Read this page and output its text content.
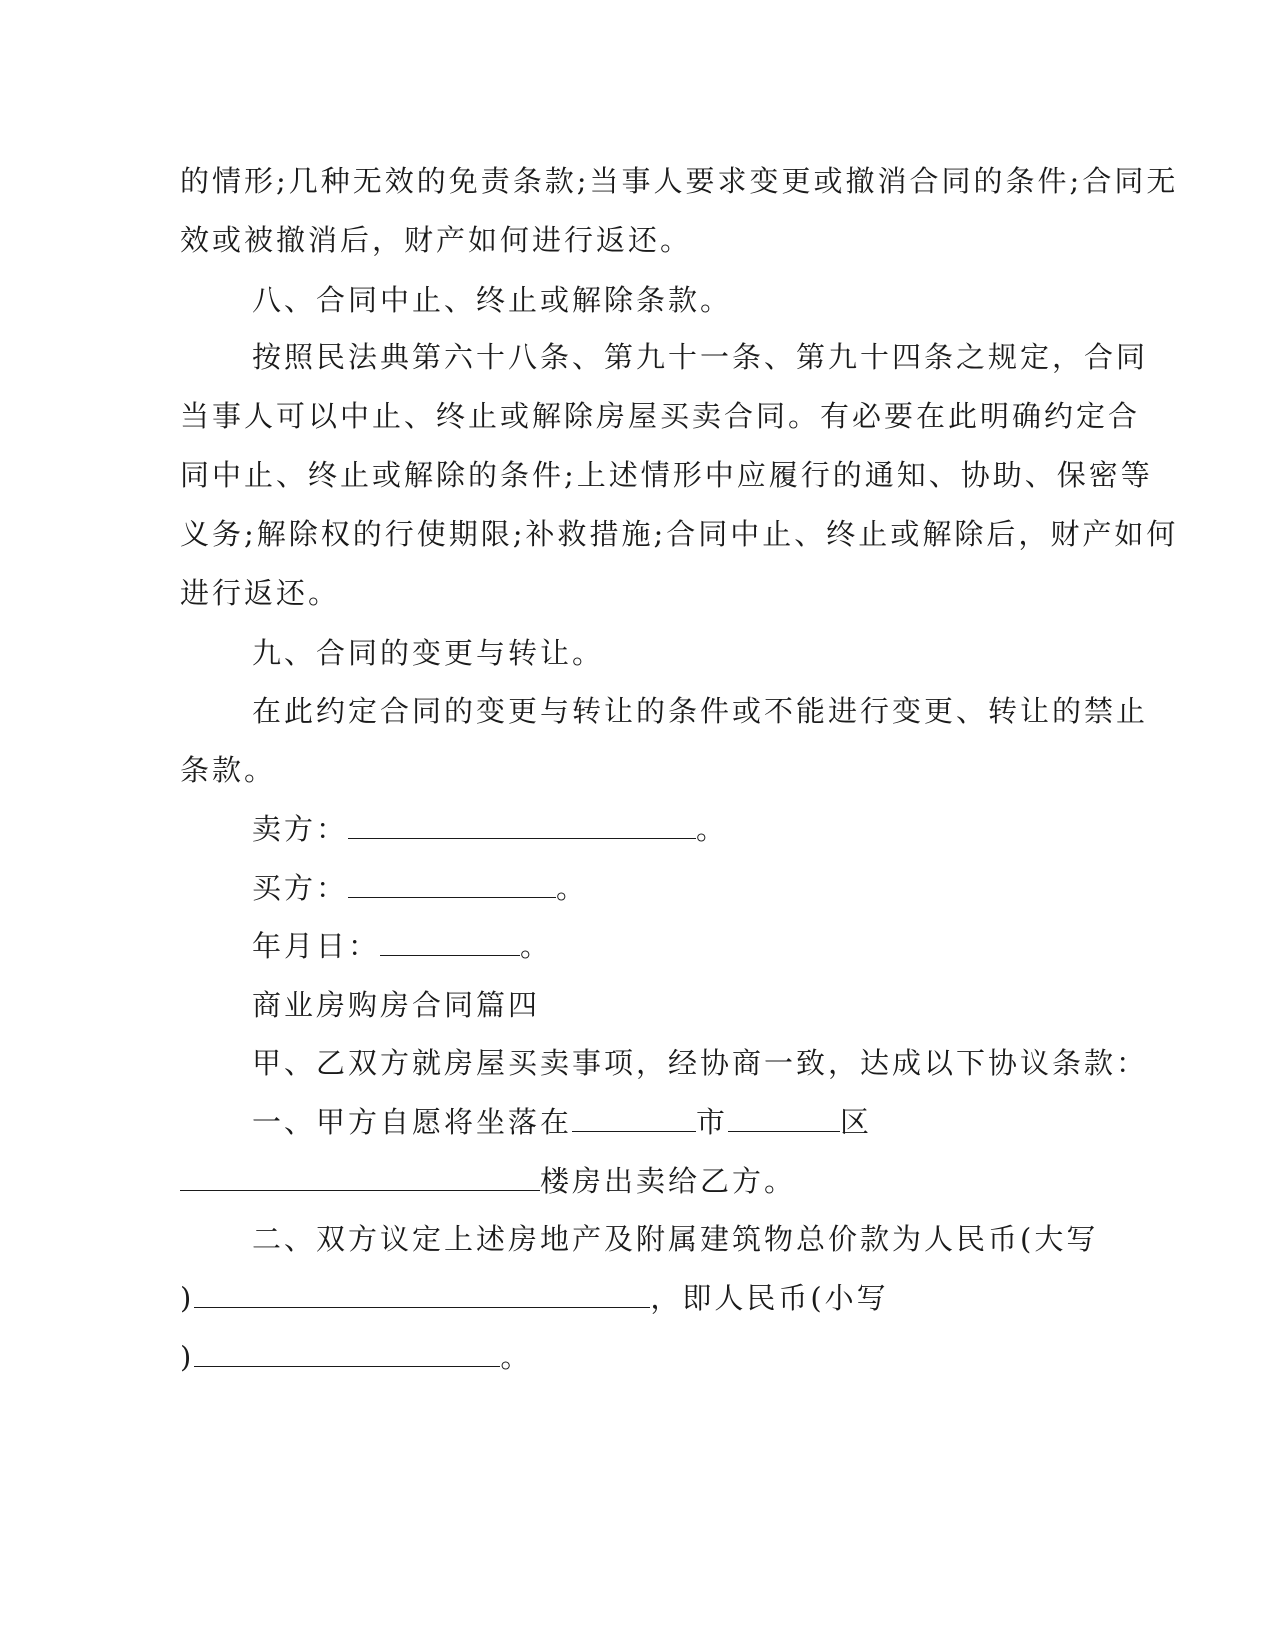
的情形;几种无效的免责条款;当事人要求变更或撤消合同的条件;合同无
效或被撤消后，财产如何进行返还。
八、合同中止、终止或解除条款。
按照民法典第六十八条、第九十一条、第九十四条之规定，合同
当事人可以中止、终止或解除房屋买卖合同。有必要在此明确约定合
同中止、终止或解除的条件;上述情形中应履行的通知、协助、保密等
义务;解除权的行使期限;补救措施;合同中止、终止或解除后，财产如何
进行返还。
九、合同的变更与转让。
在此约定合同的变更与转让的条件或不能进行变更、转让的禁止
条款。
卖方：	。
买方：	。
年月日：	。
商业房购房合同篇四
甲、乙双方就房屋买卖事项，经协商一致，达成以下协议条款：
一、甲方自愿将坐落在	市	区
楼房出卖给乙方。
二、双方议定上述房地产及附属建筑物总价款为人民币(大写
)	，即人民币(小写
)	。
